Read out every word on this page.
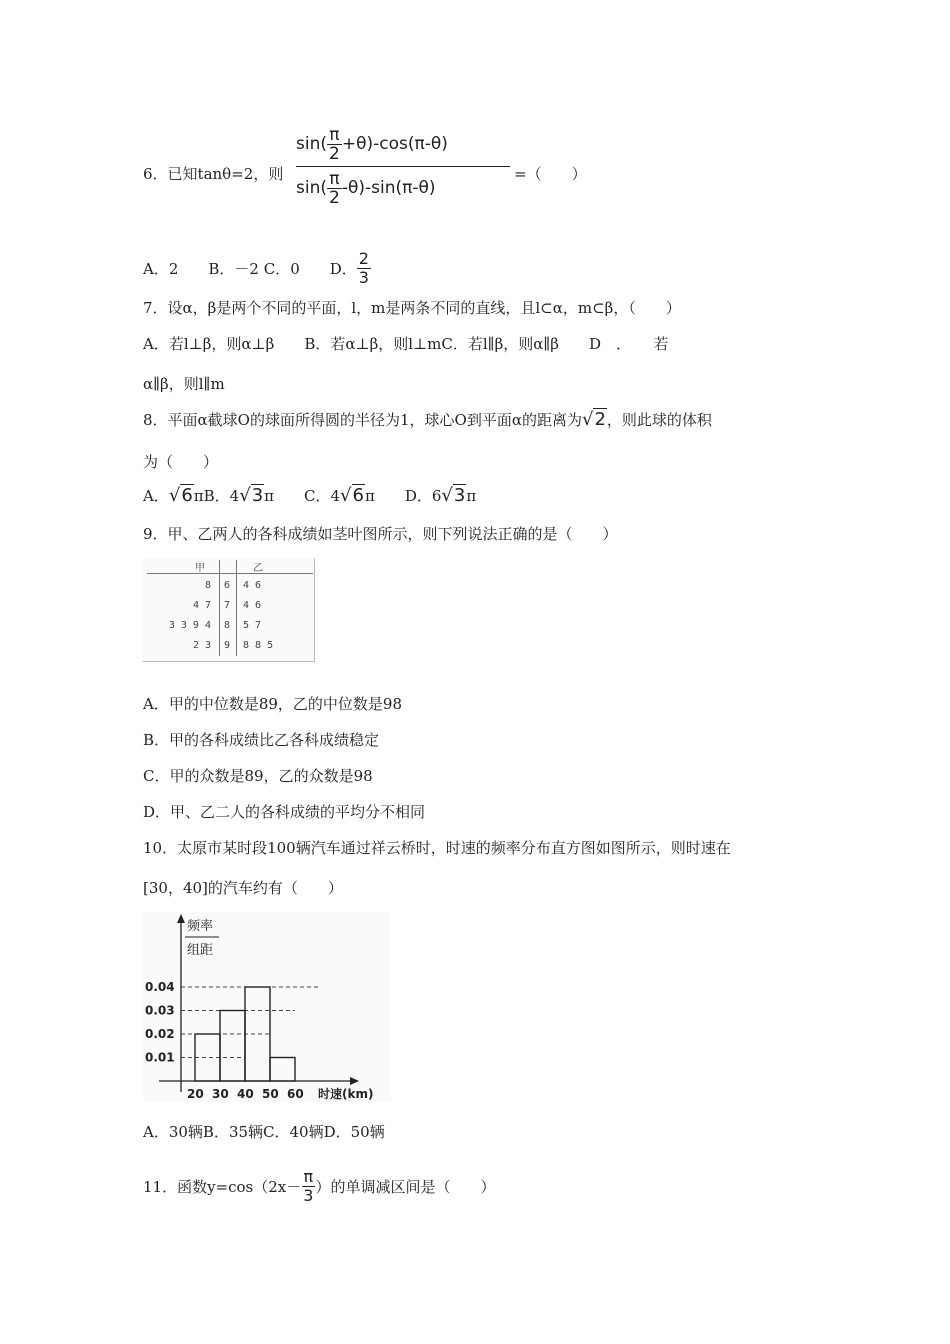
6．已知tanθ=2，则
$\sin( \frac{\pi}{2} +\theta)-\cos(\pi-\theta)$
$\sin( \frac{\pi}{2} -\theta)-\sin(\pi-\theta)$
=（　　）
A．2　　B．－2 C．0　　D． $\frac{2}{3}$
7．设α，β是两个不同的平面，l，m是两条不同的直线，且l⊂α，m⊂β，（　　）
A．若l⊥β，则α⊥β　　B．若α⊥β，则l⊥mC．若l∥β，则α∥β　　D　．　　若
α∥β，则l∥m
8．平面α截球O的球面所得圆的半径为1，球心O到平面α的距离为 √2 ，则此球的体积
为（　　）
A． √6 πB．4 √3 π　　C．4 √6 π　　D．6 √3 π
9．甲、乙两人的各科成绩如茎叶图所示，则下列说法正确的是（　　）
甲	乙
8 6 4 6
4 7 7 4 6
3 3 9 4 8 5 7
2 3 9 8 8 5
A．甲的中位数是89，乙的中位数是98
B．甲的各科成绩比乙各科成绩稳定
C．甲的众数是89，乙的众数是98
D．甲、乙二人的各科成绩的平均分不相同
10．太原市某时段100辆汽车通过祥云桥时，时速的频率分布直方图如图所示，则时速在
[30，40]的汽车约有（　　）
频率
组距
时速(km)
0.01
0.02
0.03
0.04
20 30 40 50 60
A．30辆B．35辆C．40辆D．50辆
11．函数$y=\cos(2x- \frac{\pi}{3}$ ）的单调减区间是（　　）
